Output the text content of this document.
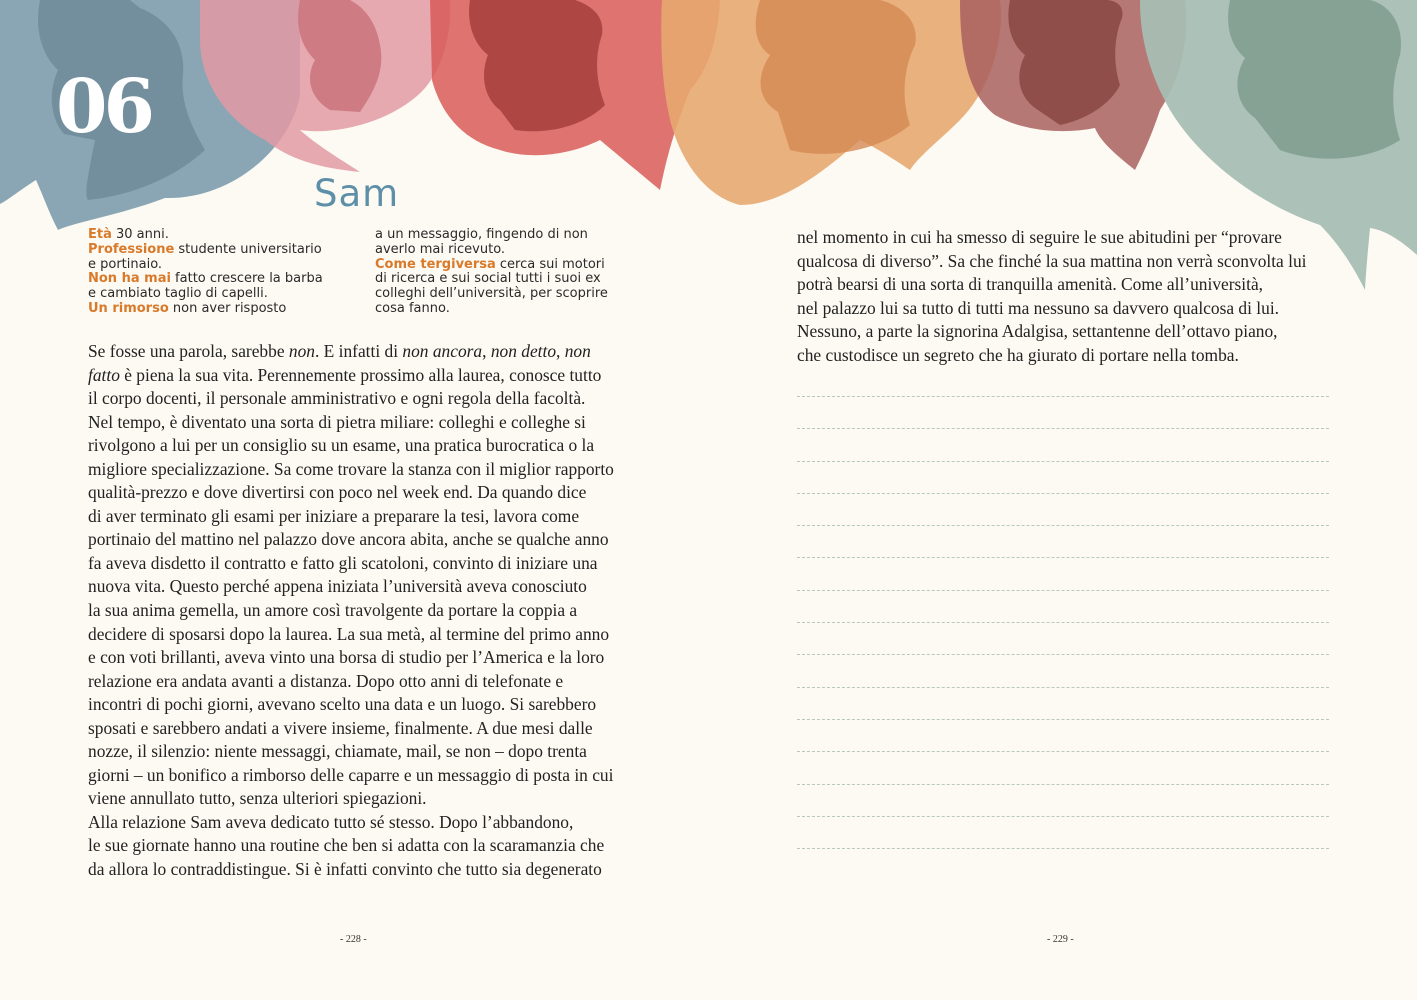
06
Sam
Età 30 anni.
Professione studente universitario
e portinaio.
Non ha mai fatto crescere la barba
e cambiato taglio di capelli.
Un rimorso non aver risposto
a un messaggio, fingendo di non
averlo mai ricevuto.
Come tergiversa cerca sui motori
di ricerca e sui social tutti i suoi ex
colleghi dell’università, per scoprire
cosa fanno.
Se fosse una parola, sarebbe non. E infatti di non ancora, non detto, non
fatto è piena la sua vita. Perennemente prossimo alla laurea, conosce tutto
il corpo docenti, il personale amministrativo e ogni regola della facoltà.
Nel tempo, è diventato una sorta di pietra miliare: colleghi e colleghe si
rivolgono a lui per un consiglio su un esame, una pratica burocratica o la
migliore specializzazione. Sa come trovare la stanza con il miglior rapporto
qualità-prezzo e dove divertirsi con poco nel week end. Da quando dice
di aver terminato gli esami per iniziare a preparare la tesi, lavora come
portinaio del mattino nel palazzo dove ancora abita, anche se qualche anno
fa aveva disdetto il contratto e fatto gli scatoloni, convinto di iniziare una
nuova vita. Questo perché appena iniziata l’università aveva conosciuto
la sua anima gemella, un amore così travolgente da portare la coppia a
decidere di sposarsi dopo la laurea. La sua metà, al termine del primo anno
e con voti brillanti, aveva vinto una borsa di studio per l’America e la loro
relazione era andata avanti a distanza. Dopo otto anni di telefonate e
incontri di pochi giorni, avevano scelto una data e un luogo. Si sarebbero
sposati e sarebbero andati a vivere insieme, finalmente. A due mesi dalle
nozze, il silenzio: niente messaggi, chiamate, mail, se non – dopo trenta
giorni – un bonifico a rimborso delle caparre e un messaggio di posta in cui
viene annullato tutto, senza ulteriori spiegazioni.
Alla relazione Sam aveva dedicato tutto sé stesso. Dopo l’abbandono,
le sue giornate hanno una routine che ben si adatta con la scaramanzia che
da allora lo contraddistingue. Si è infatti convinto che tutto sia degenerato
nel momento in cui ha smesso di seguire le sue abitudini per “provare
qualcosa di diverso”. Sa che finché la sua mattina non verrà sconvolta lui
potrà bearsi di una sorta di tranquilla amenità. Come all’università,
nel palazzo lui sa tutto di tutti ma nessuno sa davvero qualcosa di lui.
Nessuno, a parte la signorina Adalgisa, settantenne dell’ottavo piano,
che custodisce un segreto che ha giurato di portare nella tomba.
- 228 -	- 229 -
